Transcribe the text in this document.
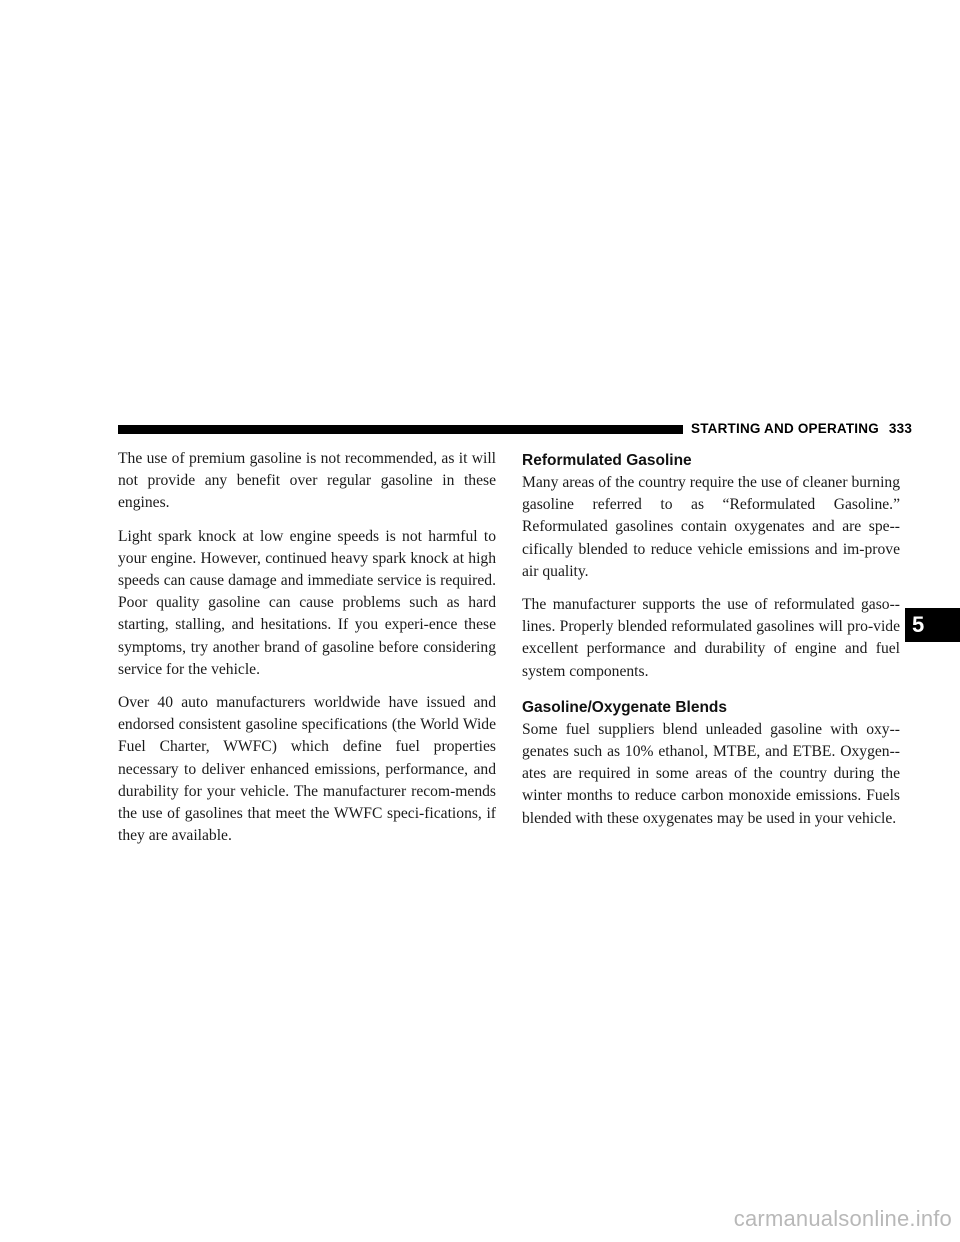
STARTING AND OPERATING 333

The use of premium gasoline is not recommended, as it will not provide any benefit over regular gasoline in these engines.

Light spark knock at low engine speeds is not harmful to your engine. However, continued heavy spark knock at high speeds can cause damage and immediate service is required. Poor quality gasoline can cause problems such as hard starting, stalling, and hesitations. If you experi-ence these symptoms, try another brand of gasoline before considering service for the vehicle.

Over 40 auto manufacturers worldwide have issued and endorsed consistent gasoline specifications (the World Wide Fuel Charter, WWFC) which define fuel properties necessary to deliver enhanced emissions, performance, and durability for your vehicle. The manufacturer recom-mends the use of gasolines that meet the WWFC speci-fications, if they are available.

Reformulated Gasoline

Many areas of the country require the use of cleaner burning gasoline referred to as “Reformulated Gasoline.” Reformulated gasolines contain oxygenates and are spe-cifically blended to reduce vehicle emissions and im-prove air quality.

The manufacturer supports the use of reformulated gaso-lines. Properly blended reformulated gasolines will pro-vide excellent performance and durability of engine and fuel system components.

Gasoline/Oxygenate Blends

Some fuel suppliers blend unleaded gasoline with oxy-genates such as 10% ethanol, MTBE, and ETBE. Oxygen-ates are required in some areas of the country during the winter months to reduce carbon monoxide emissions. Fuels blended with these oxygenates may be used in your vehicle.

5
carmanualsonline.info
